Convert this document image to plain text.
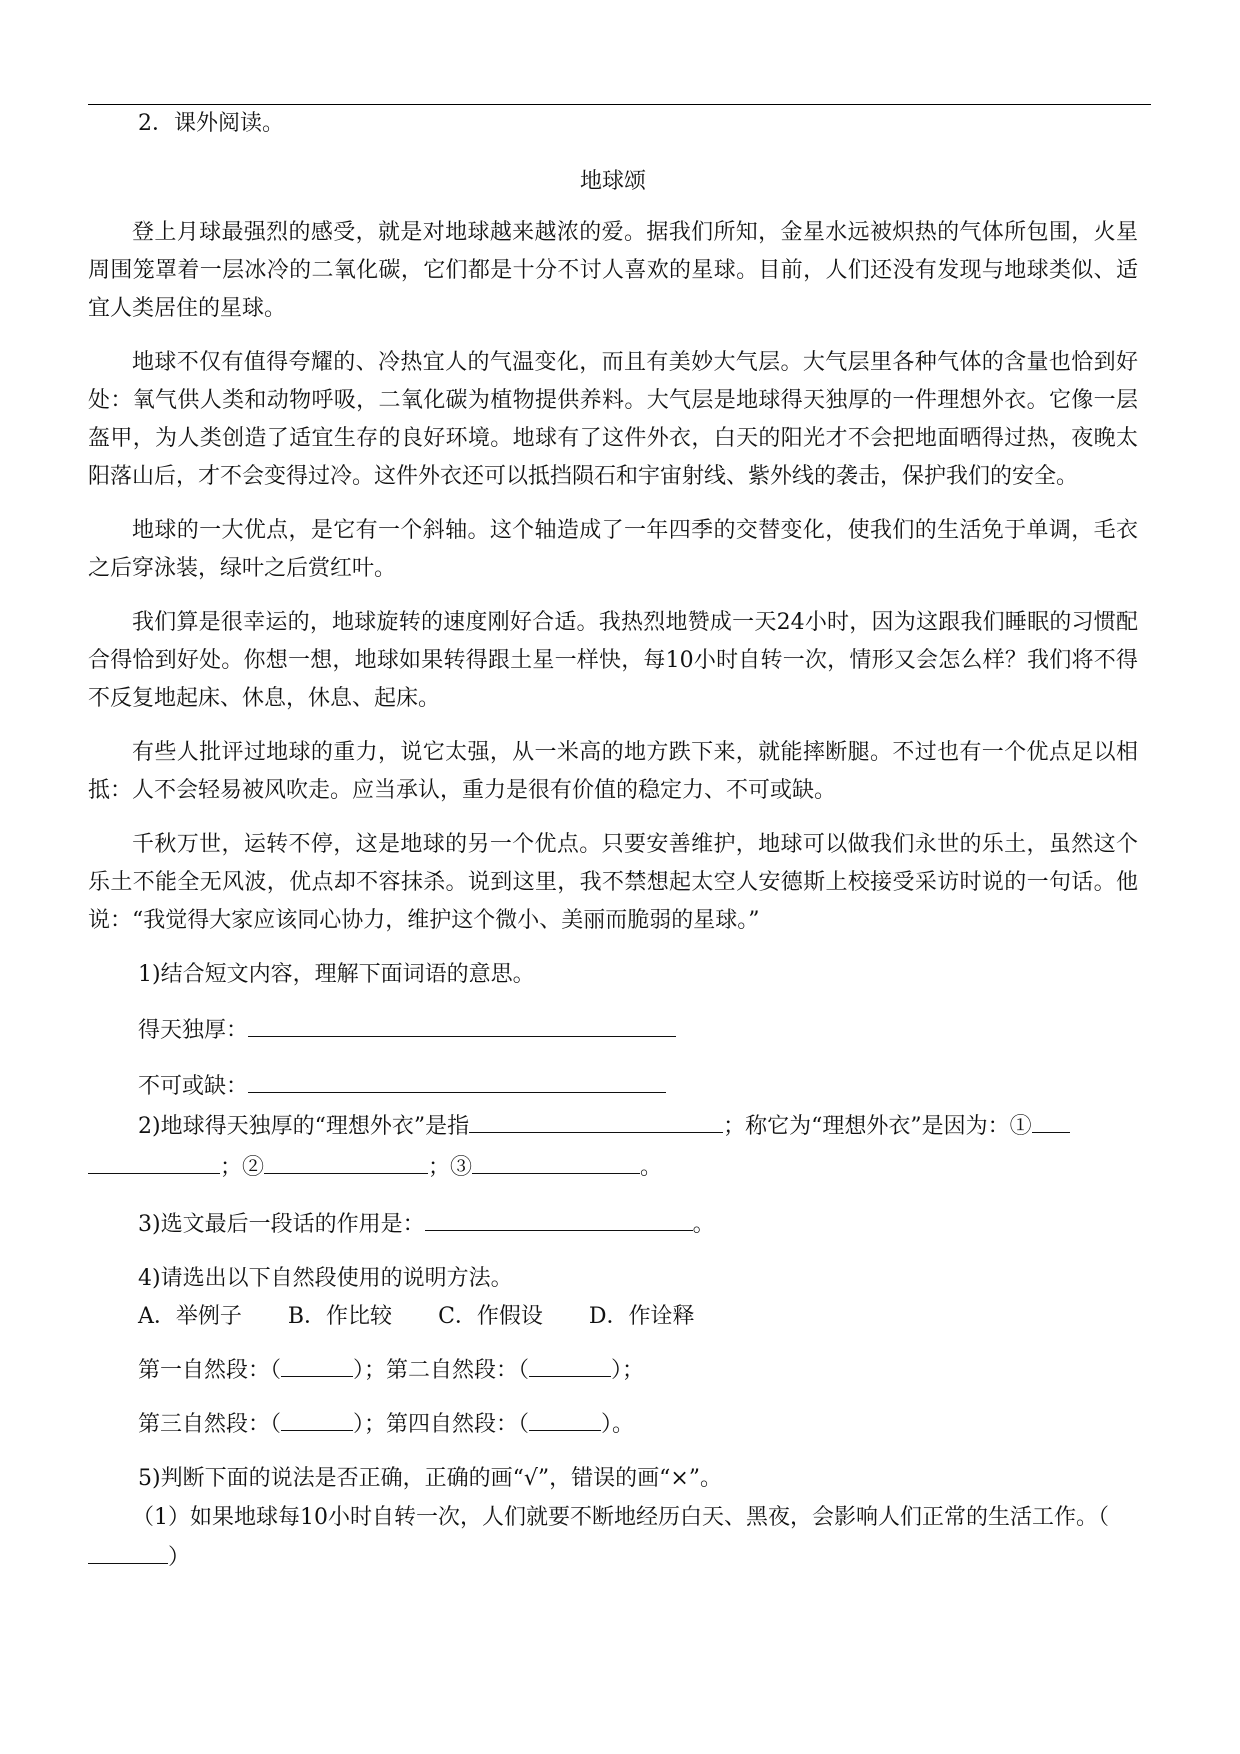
2．课外阅读。

地球颂

登上月球最强烈的感受，就是对地球越来越浓的爱。据我们所知，金星水远被炽热的气体所包围，火星周围笼罩着一层冰冷的二氧化碳，它们都是十分不讨人喜欢的星球。目前，人们还没有发现与地球类似、适宜人类居住的星球。

地球不仅有值得夸耀的、冷热宜人的气温变化，而且有美妙大气层。大气层里各种气体的含量也恰到好处：氧气供人类和动物呼吸，二氧化碳为植物提供养料。大气层是地球得天独厚的一件理想外衣。它像一层盔甲，为人类创造了适宜生存的良好环境。地球有了这件外衣，白天的阳光才不会把地面晒得过热，夜晚太阳落山后，才不会变得过冷。这件外衣还可以抵挡陨石和宇宙射线、紫外线的袭击，保护我们的安全。

地球的一大优点，是它有一个斜轴。这个轴造成了一年四季的交替变化，使我们的生活免于单调，毛衣之后穿泳装，绿叶之后赏红叶。

我们算是很幸运的，地球旋转的速度刚好合适。我热烈地赞成一天24小时，因为这跟我们睡眠的习惯配合得恰到好处。你想一想，地球如果转得跟土星一样快，每10小时自转一次，情形又会怎么样？我们将不得不反复地起床、休息，休息、起床。

有些人批评过地球的重力，说它太强，从一米高的地方跌下来，就能摔断腿。不过也有一个优点足以相抵：人不会轻易被风吹走。应当承认，重力是很有价值的稳定力、不可或缺。

千秋万世，运转不停，这是地球的另一个优点。只要安善维护，地球可以做我们永世的乐土，虽然这个乐土不能全无风波，优点却不容抹杀。说到这里，我不禁想起太空人安德斯上校接受采访时说的一句话。他说：“我觉得大家应该同心协力，维护这个微小、美丽而脆弱的星球。”

1)结合短文内容，理解下面词语的意思。

得天独厚：

不可或缺：

2)地球得天独厚的“理想外衣”是指	；称它为“理想外衣”是因为：①；②	；③	。

3)选文最后一段话的作用是：	。

4)请选出以下自然段使用的说明方法。

A．举例子 B．作比较 C．作假设 D．作诠释

第一自然段：（	）；第二自然段：（	）；

第三自然段：（	）；第四自然段：（	）。

5)判断下面的说法是否正确，正确的画“√”，错误的画“×”。

（1）如果地球每10小时自转一次，人们就要不断地经历白天、黑夜，会影响人们正常的生活工作。（）
